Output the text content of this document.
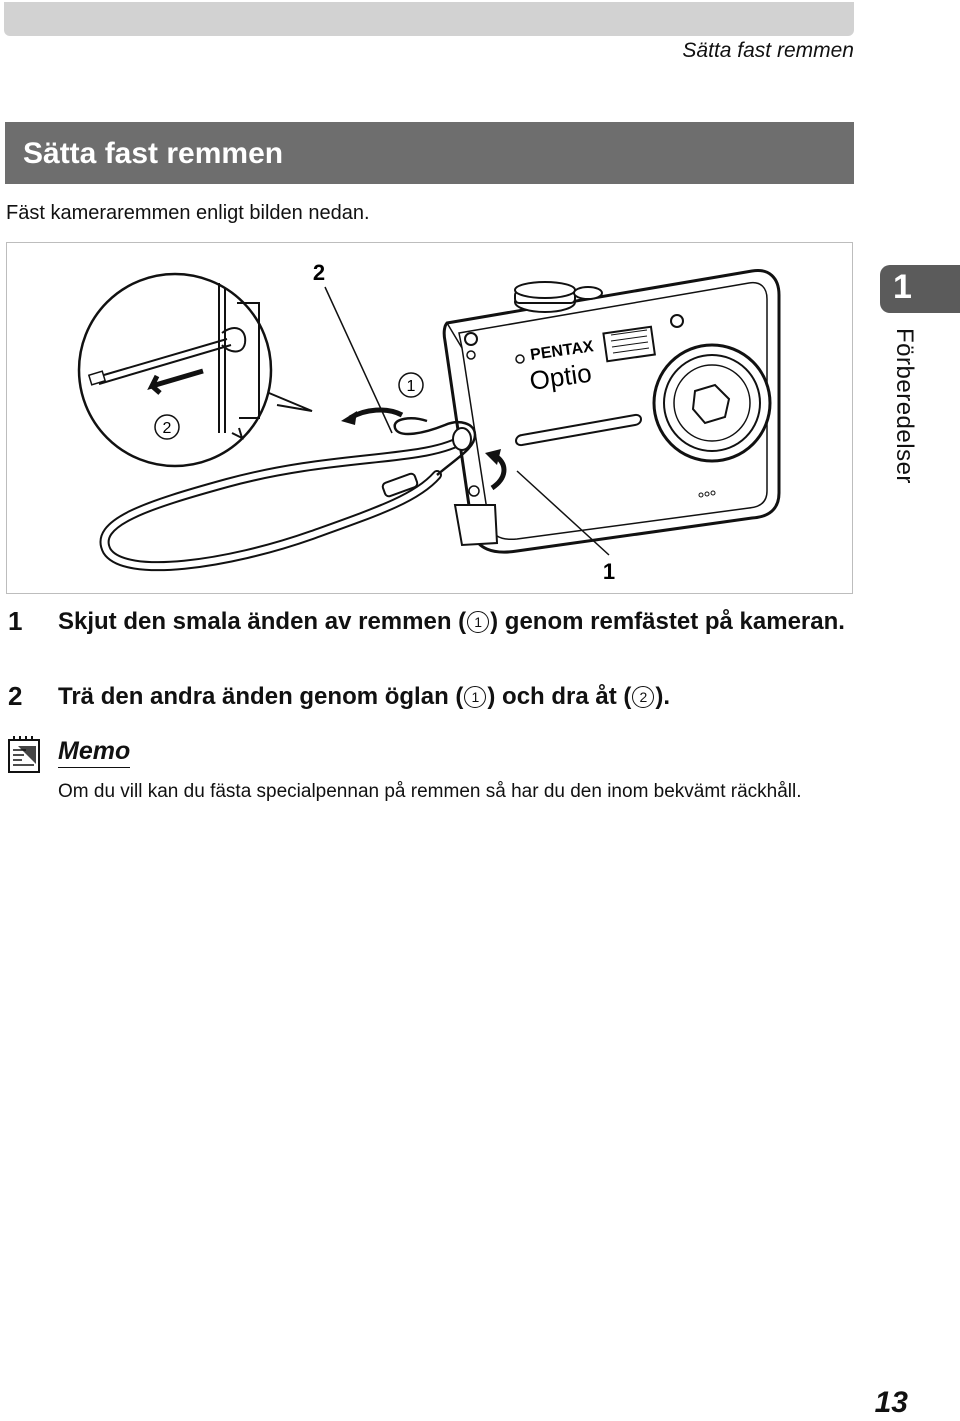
Sätta fast remmen
Sätta fast remmen
Fäst kameraremmen enligt bilden nedan.
2
2
1
PENTAX
Optio
1
1
Förberedelser
1 Skjut den smala änden av remmen ( 1 ) genom remfästet på kameran.
2 Trä den andra änden genom öglan ( 1 ) och dra åt ( 2 ).
Memo
Om du vill kan du fästa specialpennan på remmen så har du den inom bekvämt räckhåll.
13
